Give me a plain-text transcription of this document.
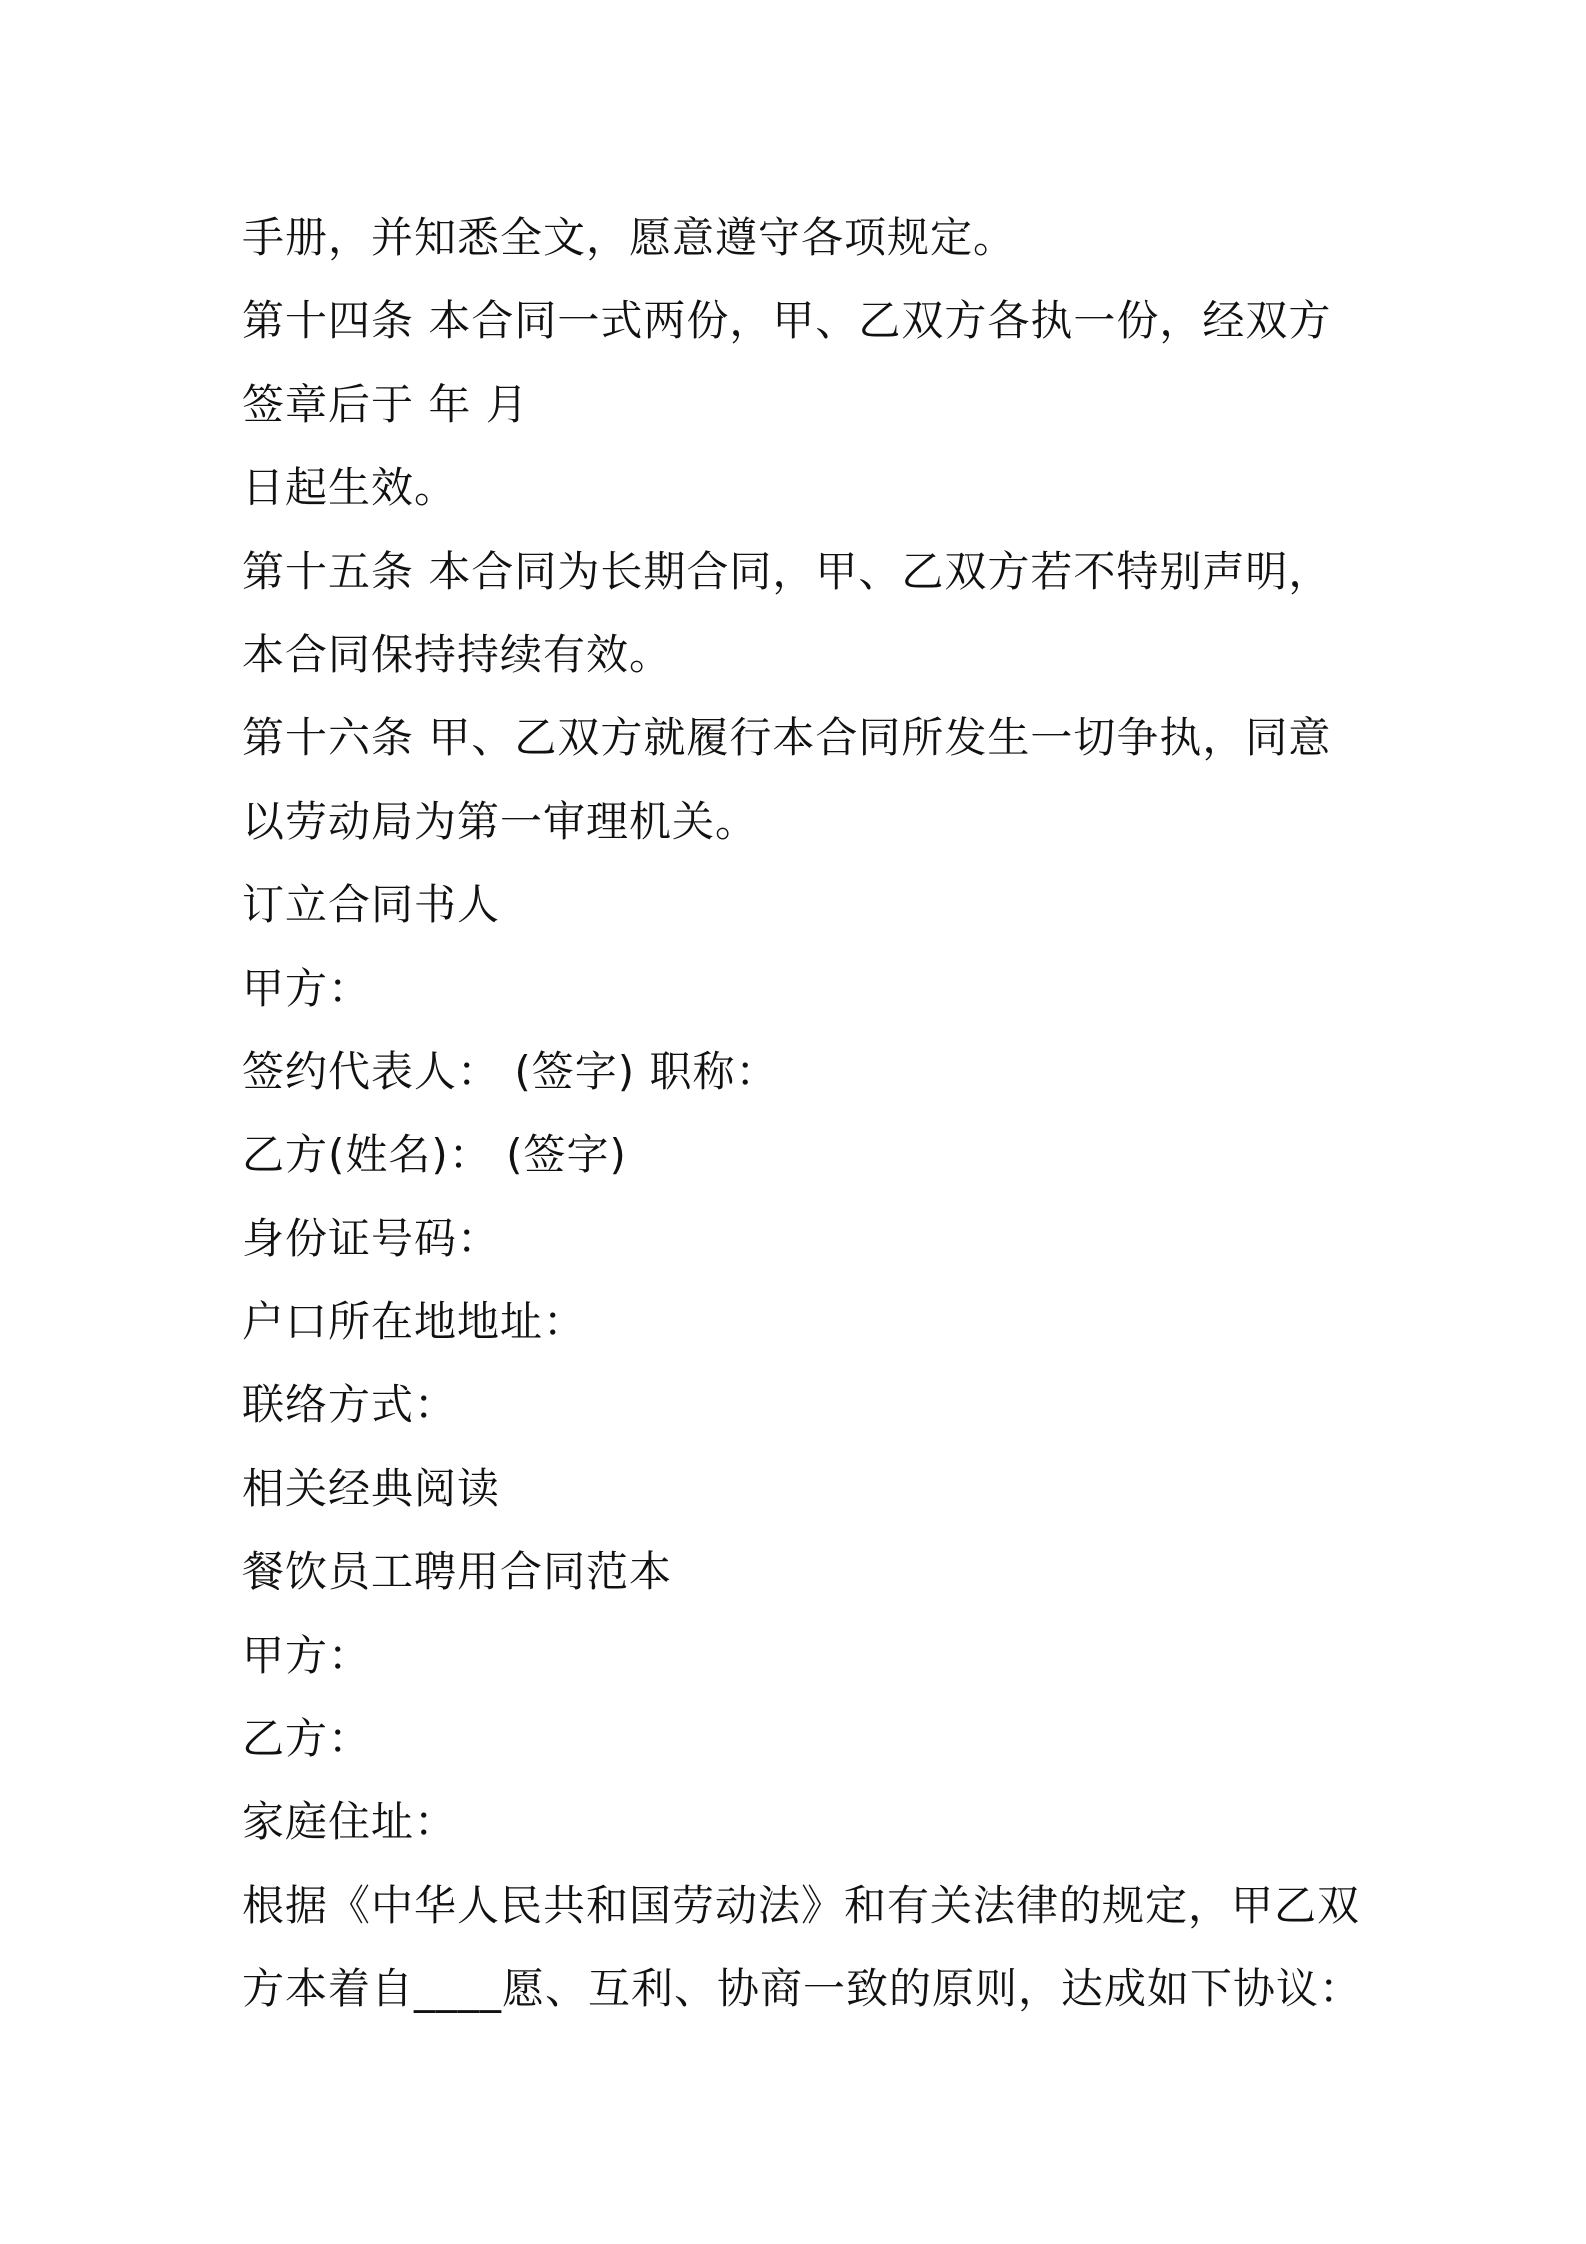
手册，并知悉全文，愿意遵守各项规定。
第十四条 本合同一式两份，甲、乙双方各执一份，经双方
签章后于 年 月
日起生效。
第十五条 本合同为长期合同，甲、乙双方若不特别声明，
本合同保持持续有效。
第十六条 甲、乙双方就履行本合同所发生一切争执，同意
以劳动局为第一审理机关。
订立合同书人
甲方：
签约代表人： (签字) 职称：
乙方(姓名)： (签字)
身份证号码：
户口所在地地址：
联络方式：
相关经典阅读
餐饮员工聘用合同范本
甲方：
乙方：
家庭住址：
根据《中华人民共和国劳动法》和有关法律的规定，甲乙双
方本着自____愿、互利、协商一致的原则，达成如下协议：
